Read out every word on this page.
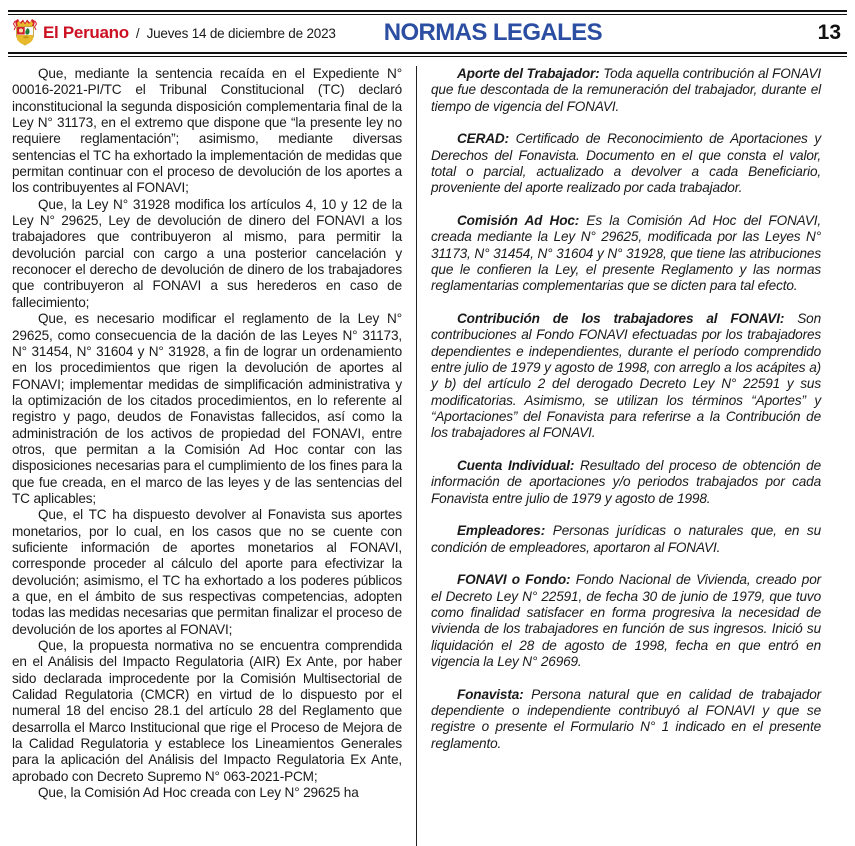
El Peruano / Jueves 14 de diciembre de 2023	NORMAS LEGALES	13

Que, mediante la sentencia recaída en el Expediente N° 00016-2021-PI/TC el Tribunal Constitucional (TC) declaró inconstitucional la segunda disposición complementaria final de la Ley N° 31173, en el extremo que dispone que “la presente ley no requiere reglamentación”; asimismo, mediante diversas sentencias el TC ha exhortado la implementación de medidas que permitan continuar con el proceso de devolución de los aportes a los contribuyentes al FONAVI;

Que, la Ley N° 31928 modifica los artículos 4, 10 y 12 de la Ley N° 29625, Ley de devolución de dinero del FONAVI a los trabajadores que contribuyeron al mismo, para permitir la devolución parcial con cargo a una posterior cancelación y reconocer el derecho de devolución de dinero de los trabajadores que contribuyeron al FONAVI a sus herederos en caso de fallecimiento;

Que, es necesario modificar el reglamento de la Ley N° 29625, como consecuencia de la dación de las Leyes N° 31173, N° 31454, N° 31604 y N° 31928, a fin de lograr un ordenamiento en los procedimientos que rigen la devolución de aportes al FONAVI; implementar medidas de simplificación administrativa y la optimización de los citados procedimientos, en lo referente al registro y pago, deudos de Fonavistas fallecidos, así como la administración de los activos de propiedad del FONAVI, entre otros, que permitan a la Comisión Ad Hoc contar con las disposiciones necesarias para el cumplimiento de los fines para la que fue creada, en el marco de las leyes y de las sentencias del TC aplicables;

Que, el TC ha dispuesto devolver al Fonavista sus aportes monetarios, por lo cual, en los casos que no se cuente con suficiente información de aportes monetarios al FONAVI, corresponde proceder al cálculo del aporte para efectivizar la devolución; asimismo, el TC ha exhortado a los poderes públicos a que, en el ámbito de sus respectivas competencias, adopten todas las medidas necesarias que permitan finalizar el proceso de devolución de los aportes al FONAVI;

Que, la propuesta normativa no se encuentra comprendida en el Análisis del Impacto Regulatoria (AIR) Ex Ante, por haber sido declarada improcedente por la Comisión Multisectorial de Calidad Regulatoria (CMCR) en virtud de lo dispuesto por el numeral 18 del enciso 28.1 del artículo 28 del Reglamento que desarrolla el Marco Institucional que rige el Proceso de Mejora de la Calidad Regulatoria y establece los Lineamientos Generales para la aplicación del Análisis del Impacto Regulatoria Ex Ante, aprobado con Decreto Supremo N° 063-2021-PCM;

Que, la Comisión Ad Hoc creada con Ley N° 29625 ha

Aporte del Trabajador: Toda aquella contribución al FONAVI que fue descontada de la remuneración del trabajador, durante el tiempo de vigencia del FONAVI.

CERAD: Certificado de Reconocimiento de Aportaciones y Derechos del Fonavista. Documento en el que consta el valor, total o parcial, actualizado a devolver a cada Beneficiario, proveniente del aporte realizado por cada trabajador.

Comisión Ad Hoc: Es la Comisión Ad Hoc del FONAVI, creada mediante la Ley N° 29625, modificada por las Leyes N° 31173, N° 31454, N° 31604 y N° 31928, que tiene las atribuciones que le confieren la Ley, el presente Reglamento y las normas reglamentarias complementarias que se dicten para tal efecto.

Contribución de los trabajadores al FONAVI: Son contribuciones al Fondo FONAVI efectuadas por los trabajadores dependientes e independientes, durante el período comprendido entre julio de 1979 y agosto de 1998, con arreglo a los acápites a) y b) del artículo 2 del derogado Decreto Ley N° 22591 y sus modificatorias. Asimismo, se utilizan los términos “Aportes” y “Aportaciones” del Fonavista para referirse a la Contribución de los trabajadores al FONAVI.

Cuenta Individual: Resultado del proceso de obtención de información de aportaciones y/o periodos trabajados por cada Fonavista entre julio de 1979 y agosto de 1998.

Empleadores: Personas jurídicas o naturales que, en su condición de empleadores, aportaron al FONAVI.

FONAVI o Fondo: Fondo Nacional de Vivienda, creado por el Decreto Ley N° 22591, de fecha 30 de junio de 1979, que tuvo como finalidad satisfacer en forma progresiva la necesidad de vivienda de los trabajadores en función de sus ingresos. Inició su liquidación el 28 de agosto de 1998, fecha en que entró en vigencia la Ley N° 26969.

Fonavista: Persona natural que en calidad de trabajador dependiente o independiente contribuyó al FONAVI y que se registre o presente el Formulario N° 1 indicado en el presente reglamento.
